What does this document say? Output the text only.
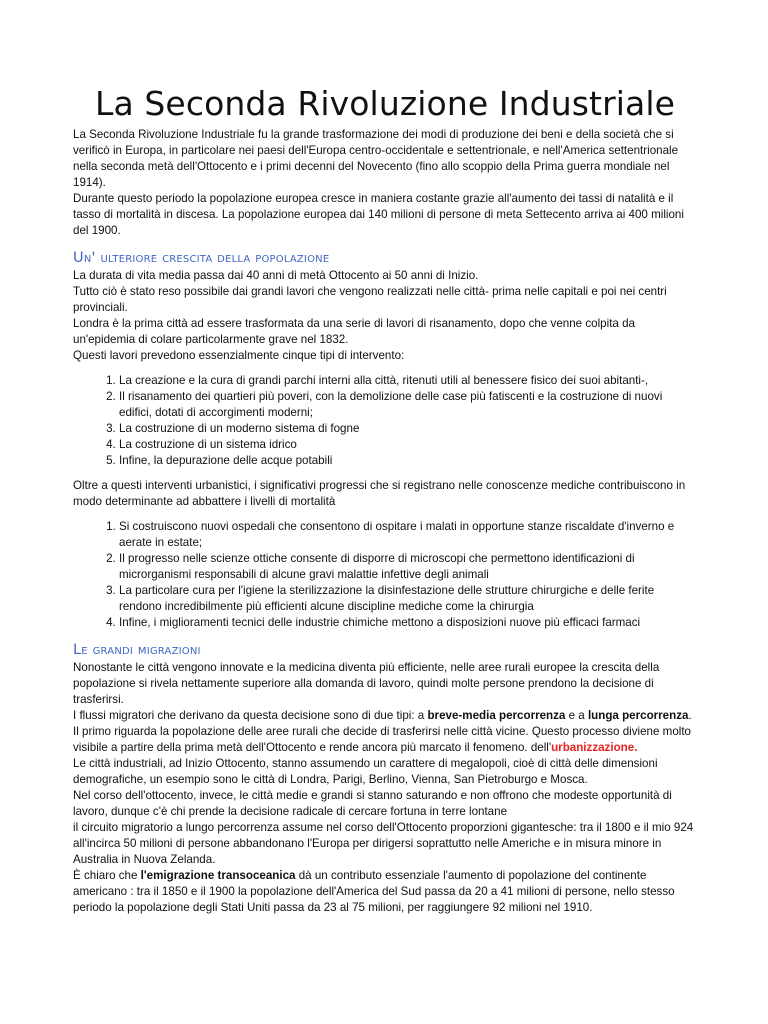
La Seconda Rivoluzione Industriale

La Seconda Rivoluzione Industriale fu la grande trasformazione dei modi di produzione dei beni e della società che si verificò in Europa, in particolare nei paesi dell'Europa centro-occidentale e settentrionale, e nell'America settentrionale nella seconda metà dell'Ottocento e i primi decenni del Novecento (fino allo scoppio della Prima guerra mondiale nel 1914).

Durante questo periodo la popolazione europea cresce in maniera costante grazie all'aumento dei tassi di natalità e il tasso di mortalità in discesa. La popolazione europea dai 140 milioni di persone di meta Settecento arriva ai 400 milioni del 1900.

Un' ulteriore crescita della popolazione

La durata di vita media passa dai 40 anni di metà Ottocento ai 50 anni di Inizio.

Tutto ciò è stato reso possibile dai grandi lavori che vengono realizzati nelle città- prima nelle capitali e poi nei centri provinciali.

Londra è la prima città ad essere trasformata da una serie di lavori di risanamento, dopo che venne colpita da un'epidemia di colare particolarmente grave nel 1832.

Questi lavori prevedono essenzialmente cinque tipi di intervento:

1. La creazione e la cura di grandi parchi interni alla città, ritenuti utili al benessere fisico dei suoi abitanti-,
2. Il risanamento dei quartieri più poveri, con la demolizione delle case più fatiscenti e la costruzione di nuovi edifici, dotati di accorgimenti moderni;
3. La costruzione di un moderno sistema di fogne
4. La costruzione di un sistema idrico
5. Infine, la depurazione delle acque potabili

Oltre a questi interventi urbanistici, i significativi progressi che si registrano nelle conoscenze mediche contribuiscono in modo determinante ad abbattere i livelli di mortalità

1. Si costruiscono nuovi ospedali che consentono di ospitare i malati in opportune stanze riscaldate d'inverno e aerate in estate;
2. Il progresso nelle scienze ottiche consente di disporre di microscopi che permettono identificazioni di microrganismi responsabili di alcune gravi malattie infettive degli animali
3. La particolare cura per l'igiene la sterilizzazione la disinfestazione delle strutture chirurgiche e delle ferite rendono incredibilmente più efficienti alcune discipline mediche come la chirurgia
4. Infine, i miglioramenti tecnici delle industrie chimiche mettono a disposizioni nuove più efficaci farmaci
Le grandi migrazioni

Nonostante le città vengono innovate e la medicina diventa più efficiente, nelle aree rurali europee la crescita della popolazione si rivela nettamente superiore alla domanda di lavoro, quindi molte persone prendono la decisione di trasferirsi.

I flussi migratori che derivano da questa decisione sono di due tipi: a breve-media percorrenza e a lunga percorrenza.

Il primo riguarda la popolazione delle aree rurali che decide di trasferirsi nelle città vicine. Questo processo diviene molto visibile a partire della prima metà dell'Ottocento e rende ancora più marcato il fenomeno. dell'urbanizzazione.

Le città industriali, ad Inizio Ottocento, stanno assumendo un carattere di megalopoli, cioè di città delle dimensioni demografiche, un esempio sono le città di Londra, Parigi, Berlino, Vienna, San Pietroburgo e Mosca.

Nel corso dell'ottocento, invece, le città medie e grandi si stanno saturando e non offrono che modeste opportunità di lavoro, dunque c'è chi prende la decisione radicale di cercare fortuna in terre lontane

il circuito migratorio a lungo percorrenza assume nel corso dell'Ottocento proporzioni gigantesche: tra il 1800 e il mio 924 all'incirca 50 milioni di persone abbandonano l'Europa per dirigersi soprattutto nelle Americhe e in misura minore in Australia in Nuova Zelanda.

È chiaro che l'emigrazione transoceanica dà un contributo essenziale l'aumento di popolazione del continente americano : tra il 1850 e il 1900 la popolazione dell'America del Sud passa da 20 a 41 milioni di persone, nello stesso periodo la popolazione degli Stati Uniti passa da 23 al 75 milioni, per raggiungere 92 milioni nel 1910.
